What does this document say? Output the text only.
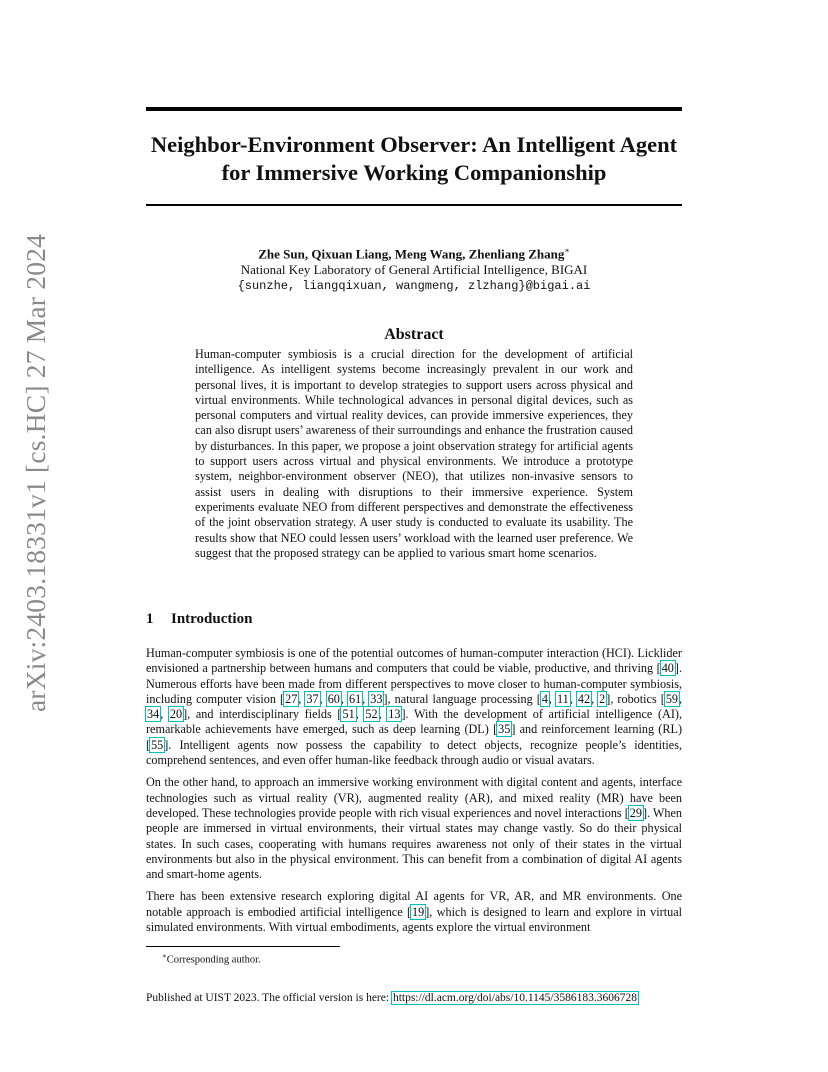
arXiv:2403.18331v1 [cs.HC] 27 Mar 2024
Neighbor-Environment Observer: An Intelligent Agent for Immersive Working Companionship
Zhe Sun, Qixuan Liang, Meng Wang, Zhenliang Zhang∗
National Key Laboratory of General Artificial Intelligence, BIGAI
{sunzhe, liangqixuan, wangmeng, zlzhang}@bigai.ai
Abstract

Human-computer symbiosis is a crucial direction for the development of artificial intelligence. As intelligent systems become increasingly prevalent in our work and personal lives, it is important to develop strategies to support users across physical and virtual environments. While technological advances in personal digital devices, such as personal computers and virtual reality devices, can provide immersive experiences, they can also disrupt users’ awareness of their surroundings and enhance the frustration caused by disturbances. In this paper, we propose a joint observation strategy for artificial agents to support users across virtual and physical environments. We introduce a prototype system, neighbor-environment observer (NEO), that utilizes non-invasive sensors to assist users in dealing with disruptions to their immersive experience. System experiments evaluate NEO from different perspectives and demonstrate the effectiveness of the joint observation strategy. A user study is conducted to evaluate its usability. The results show that NEO could lessen users’ workload with the learned user preference. We suggest that the proposed strategy can be applied to various smart home scenarios.

1 Introduction

Human-computer symbiosis is one of the potential outcomes of human-computer interaction (HCI). Licklider envisioned a partnership between humans and computers that could be viable, productive, and thriving [40]. Numerous efforts have been made from different perspectives to move closer to human-computer symbiosis, including computer vision [27, 37, 60, 61, 33], natural language processing [4, 11, 42, 2], robotics [59, 34, 20], and interdisciplinary fields [51, 52, 13]. With the development of artificial intelligence (AI), remarkable achievements have emerged, such as deep learning (DL) [35] and reinforcement learning (RL) [55]. Intelligent agents now possess the capability to detect objects, recognize people’s identities, comprehend sentences, and even offer human-like feedback through audio or visual avatars.

On the other hand, to approach an immersive working environment with digital content and agents, interface technologies such as virtual reality (VR), augmented reality (AR), and mixed reality (MR) have been developed. These technologies provide people with rich visual experiences and novel interactions [29]. When people are immersed in virtual environments, their virtual states may change vastly. So do their physical states. In such cases, cooperating with humans requires awareness not only of their states in the virtual environments but also in the physical environment. This can benefit from a combination of digital AI agents and smart-home agents.

There has been extensive research exploring digital AI agents for VR, AR, and MR environments. One notable approach is embodied artificial intelligence [19], which is designed to learn and explore in virtual simulated environments. With virtual embodiments, agents explore the virtual environment

∗Corresponding author.
Published at UIST 2023. The official version is here: https://dl.acm.org/doi/abs/10.1145/3586183.3606728
